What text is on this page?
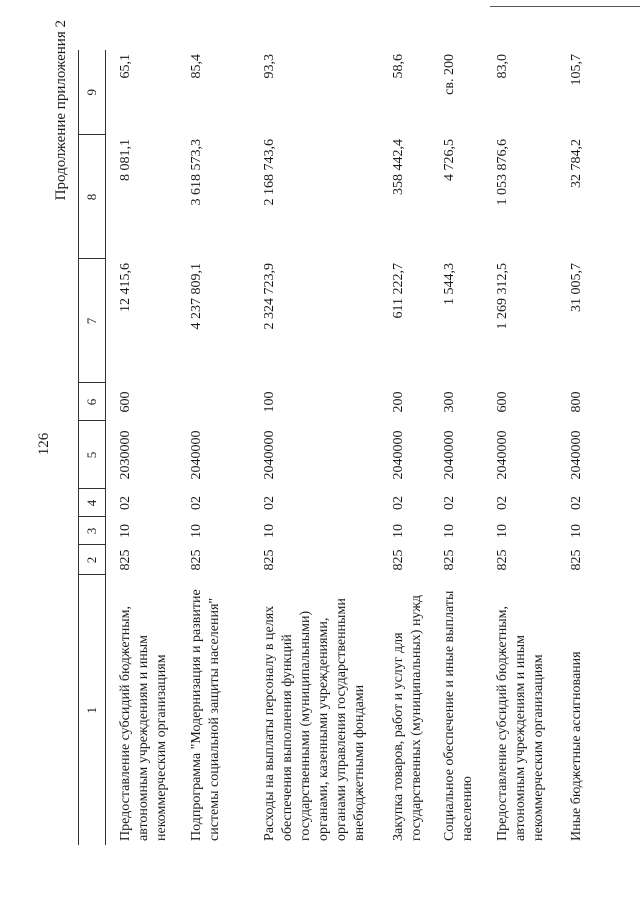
126
Продолжение приложения 2
1	2	3	4	5	6	7	8	9
Предоставление субсидий бюджетным, автономным учреждениям и иным некоммерческим организациям	825	10	02	2030000	600	12 415,6	8 081,1	65,1
Подпрограмма "Модернизация и развитие системы социальной защиты населения"	825	10	02	2040000		4 237 809,1	3 618 573,3	85,4
Расходы на выплаты персоналу в целях обеспечения выполнения функций государственными (муниципальными) органами, казенными учреждениями, органами управления государственными внебюджетными фондами	825	10	02	2040000	100	2 324 723,9	2 168 743,6	93,3
Закупка товаров, работ и услуг для государственных (муниципальных) нужд	825	10	02	2040000	200	611 222,7	358 442,4	58,6
Социальное обеспечение и иные выплаты населению	825	10	02	2040000	300	1 544,3	4 726,5	св. 200
Предоставление субсидий бюджетным, автономным учреждениям и иным некоммерческим организациям	825	10	02	2040000	600	1 269 312,5	1 053 876,6	83,0
Иные бюджетные ассигнования	825	10	02	2040000	800	31 005,7	32 784,2	105,7
